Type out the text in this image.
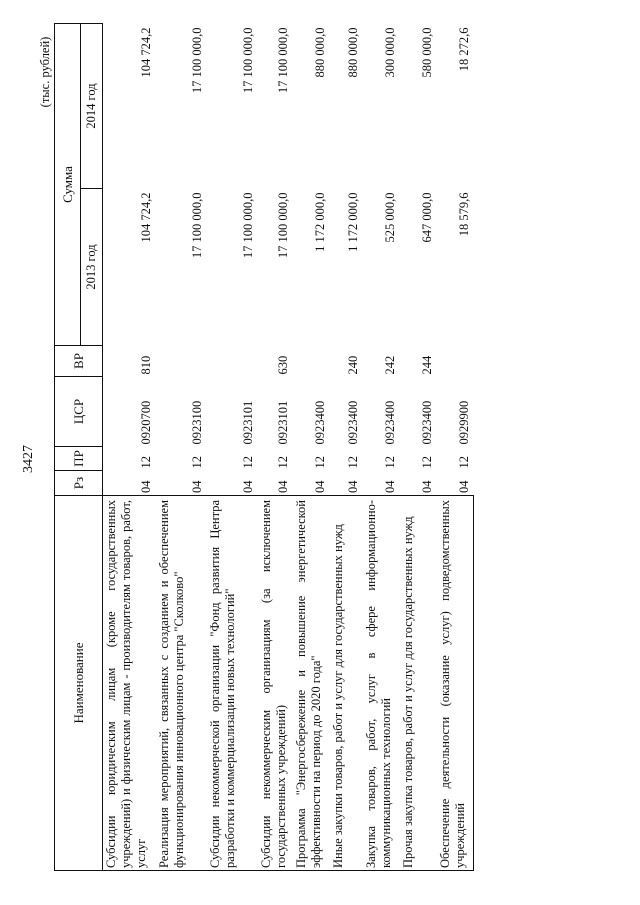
3427
(тыс. рублей)
Наименование	Рз	ПР	ЦСР	ВР	Сумма	
					2013 год	2014 год
Субсидии юридическим лицам (кроме государственных учреждений) и физическим лицам - производителям товаров, работ, услуг	04	12	0920700	810	104 724,2	104 724,2
Реализация мероприятий, связанных с созданием и обеспечением функционирования инновационного центра "Сколково"	04	12	0923100		17 100 000,0	17 100 000,0
Субсидии некоммерческой организации "Фонд развития Центра разработки и коммерциализации новых технологий"	04	12	0923101		17 100 000,0	17 100 000,0
Субсидии некоммерческим организациям (за исключением государственных учреждений)	04	12	0923101	630	17 100 000,0	17 100 000,0
Программа "Энергосбережение и повышение энергетической эффективности на период до 2020 года"	04	12	0923400		1 172 000,0	880 000,0
Иные закупки товаров, работ и услуг для государственных нужд	04	12	0923400	240	1 172 000,0	880 000,0
Закупка товаров, работ, услуг в сфере информационно-коммуникационных технологий	04	12	0923400	242	525 000,0	300 000,0
Прочая закупка товаров, работ и услуг для государственных нужд	04	12	0923400	244	647 000,0	580 000,0
Обеспечение деятельности (оказание услуг) подведомственных учреждений	04	12	0929900		18 579,6	18 272,6
